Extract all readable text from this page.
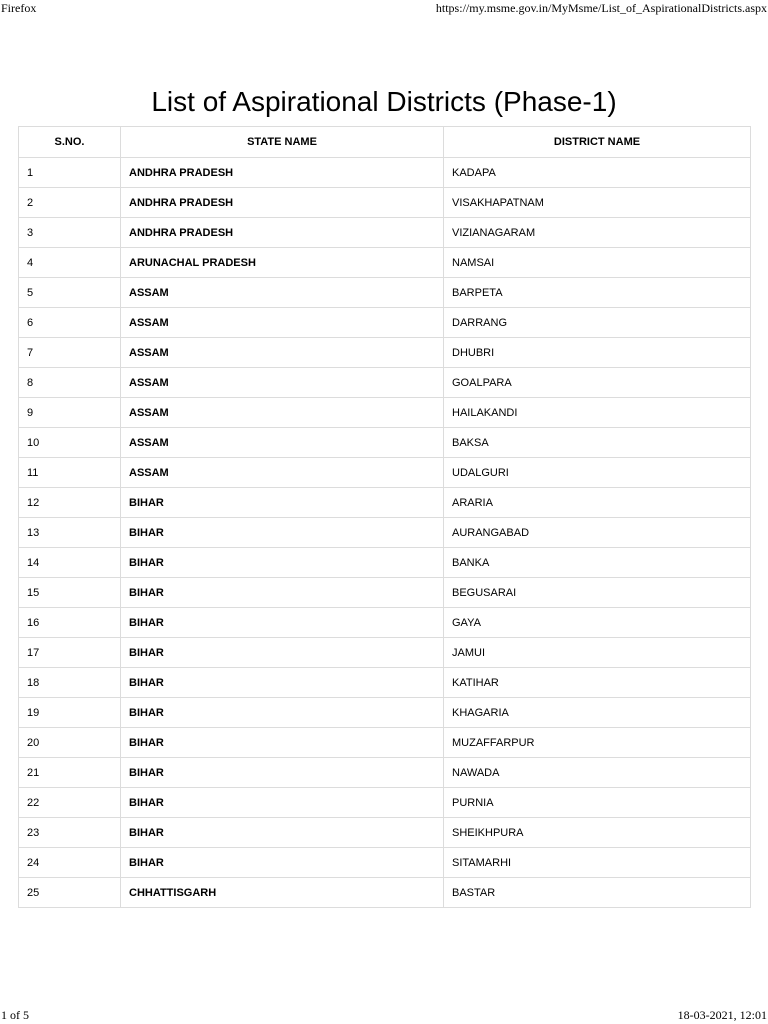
Firefox	https://my.msme.gov.in/MyMsme/List_of_AspirationalDistricts.aspx
List of Aspirational Districts (Phase-1)
S.NO.	STATE NAME	DISTRICT NAME
1	ANDHRA PRADESH	KADAPA
2	ANDHRA PRADESH	VISAKHAPATNAM
3	ANDHRA PRADESH	VIZIANAGARAM
4	ARUNACHAL PRADESH	NAMSAI
5	ASSAM	BARPETA
6	ASSAM	DARRANG
7	ASSAM	DHUBRI
8	ASSAM	GOALPARA
9	ASSAM	HAILAKANDI
10	ASSAM	BAKSA
11	ASSAM	UDALGURI
12	BIHAR	ARARIA
13	BIHAR	AURANGABAD
14	BIHAR	BANKA
15	BIHAR	BEGUSARAI
16	BIHAR	GAYA
17	BIHAR	JAMUI
18	BIHAR	KATIHAR
19	BIHAR	KHAGARIA
20	BIHAR	MUZAFFARPUR
21	BIHAR	NAWADA
22	BIHAR	PURNIA
23	BIHAR	SHEIKHPURA
24	BIHAR	SITAMARHI
25	CHHATTISGARH	BASTAR
1 of 5	18-03-2021, 12:01
